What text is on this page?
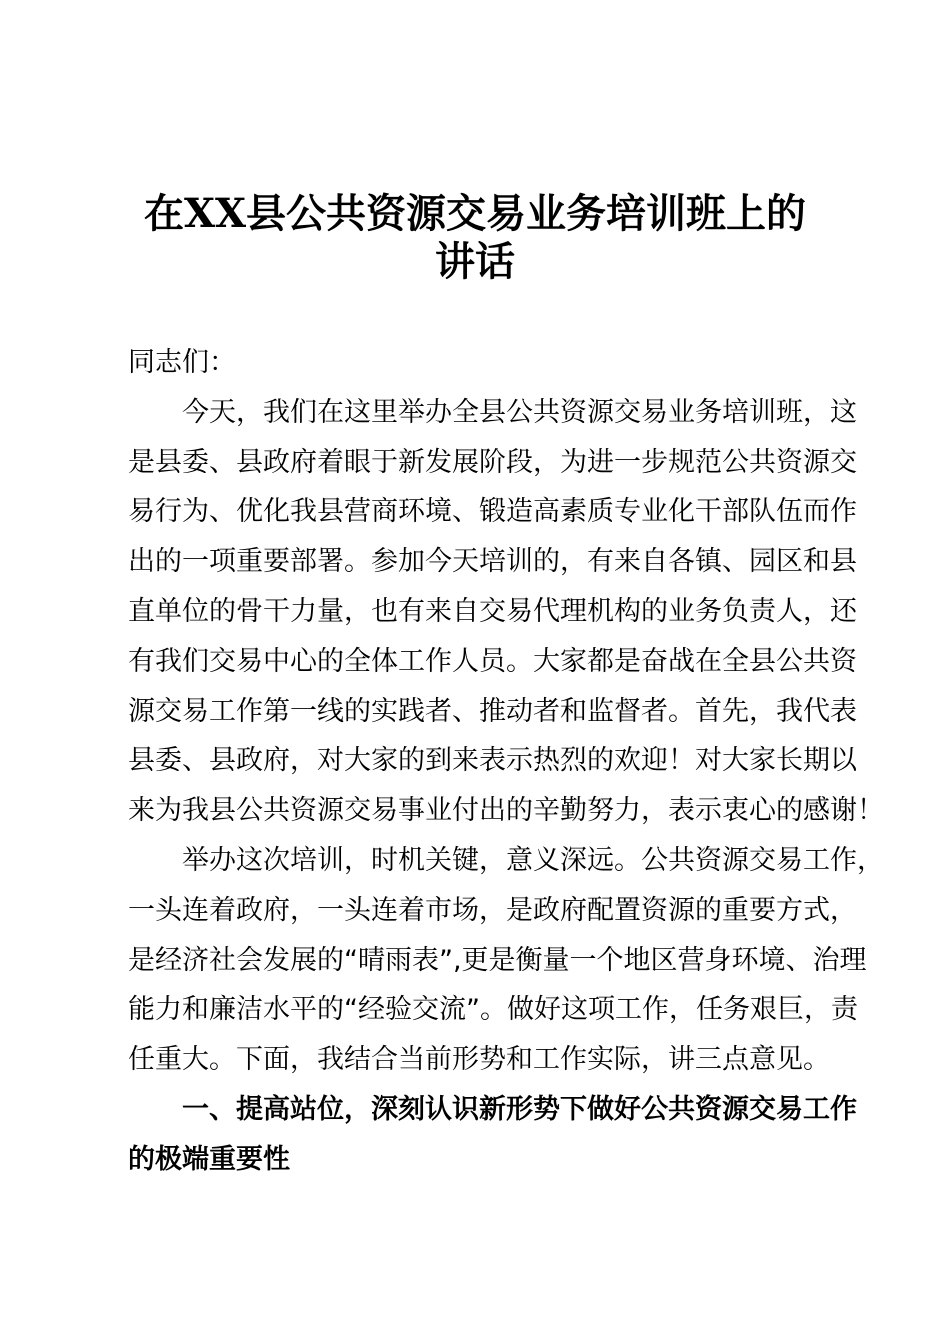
在XX县公共资源交易业务培训班上的
讲话
同志们：
今天，我们在这里举办全县公共资源交易业务培训班，这
是县委、县政府着眼于新发展阶段，为进一步规范公共资源交
易行为、优化我县营商环境、锻造高素质专业化干部队伍而作
出的一项重要部署。参加今天培训的，有来自各镇、园区和县
直单位的骨干力量，也有来自交易代理机构的业务负责人，还
有我们交易中心的全体工作人员。大家都是奋战在全县公共资
源交易工作第一线的实践者、推动者和监督者。首先，我代表
县委、县政府，对大家的到来表示热烈的欢迎！对大家长期以
来为我县公共资源交易事业付出的辛勤努力，表示衷心的感谢！
举办这次培训，时机关键，意义深远。公共资源交易工作，
一头连着政府，一头连着市场，是政府配置资源的重要方式，
是经济社会发展的“晴雨表”,更是衡量一个地区营身环境、治理
能力和廉洁水平的“经验交流”。做好这项工作，任务艰巨，责
任重大。下面，我结合当前形势和工作实际，讲三点意见。
一、提高站位，深刻认识新形势下做好公共资源交易工作
的极端重要性
